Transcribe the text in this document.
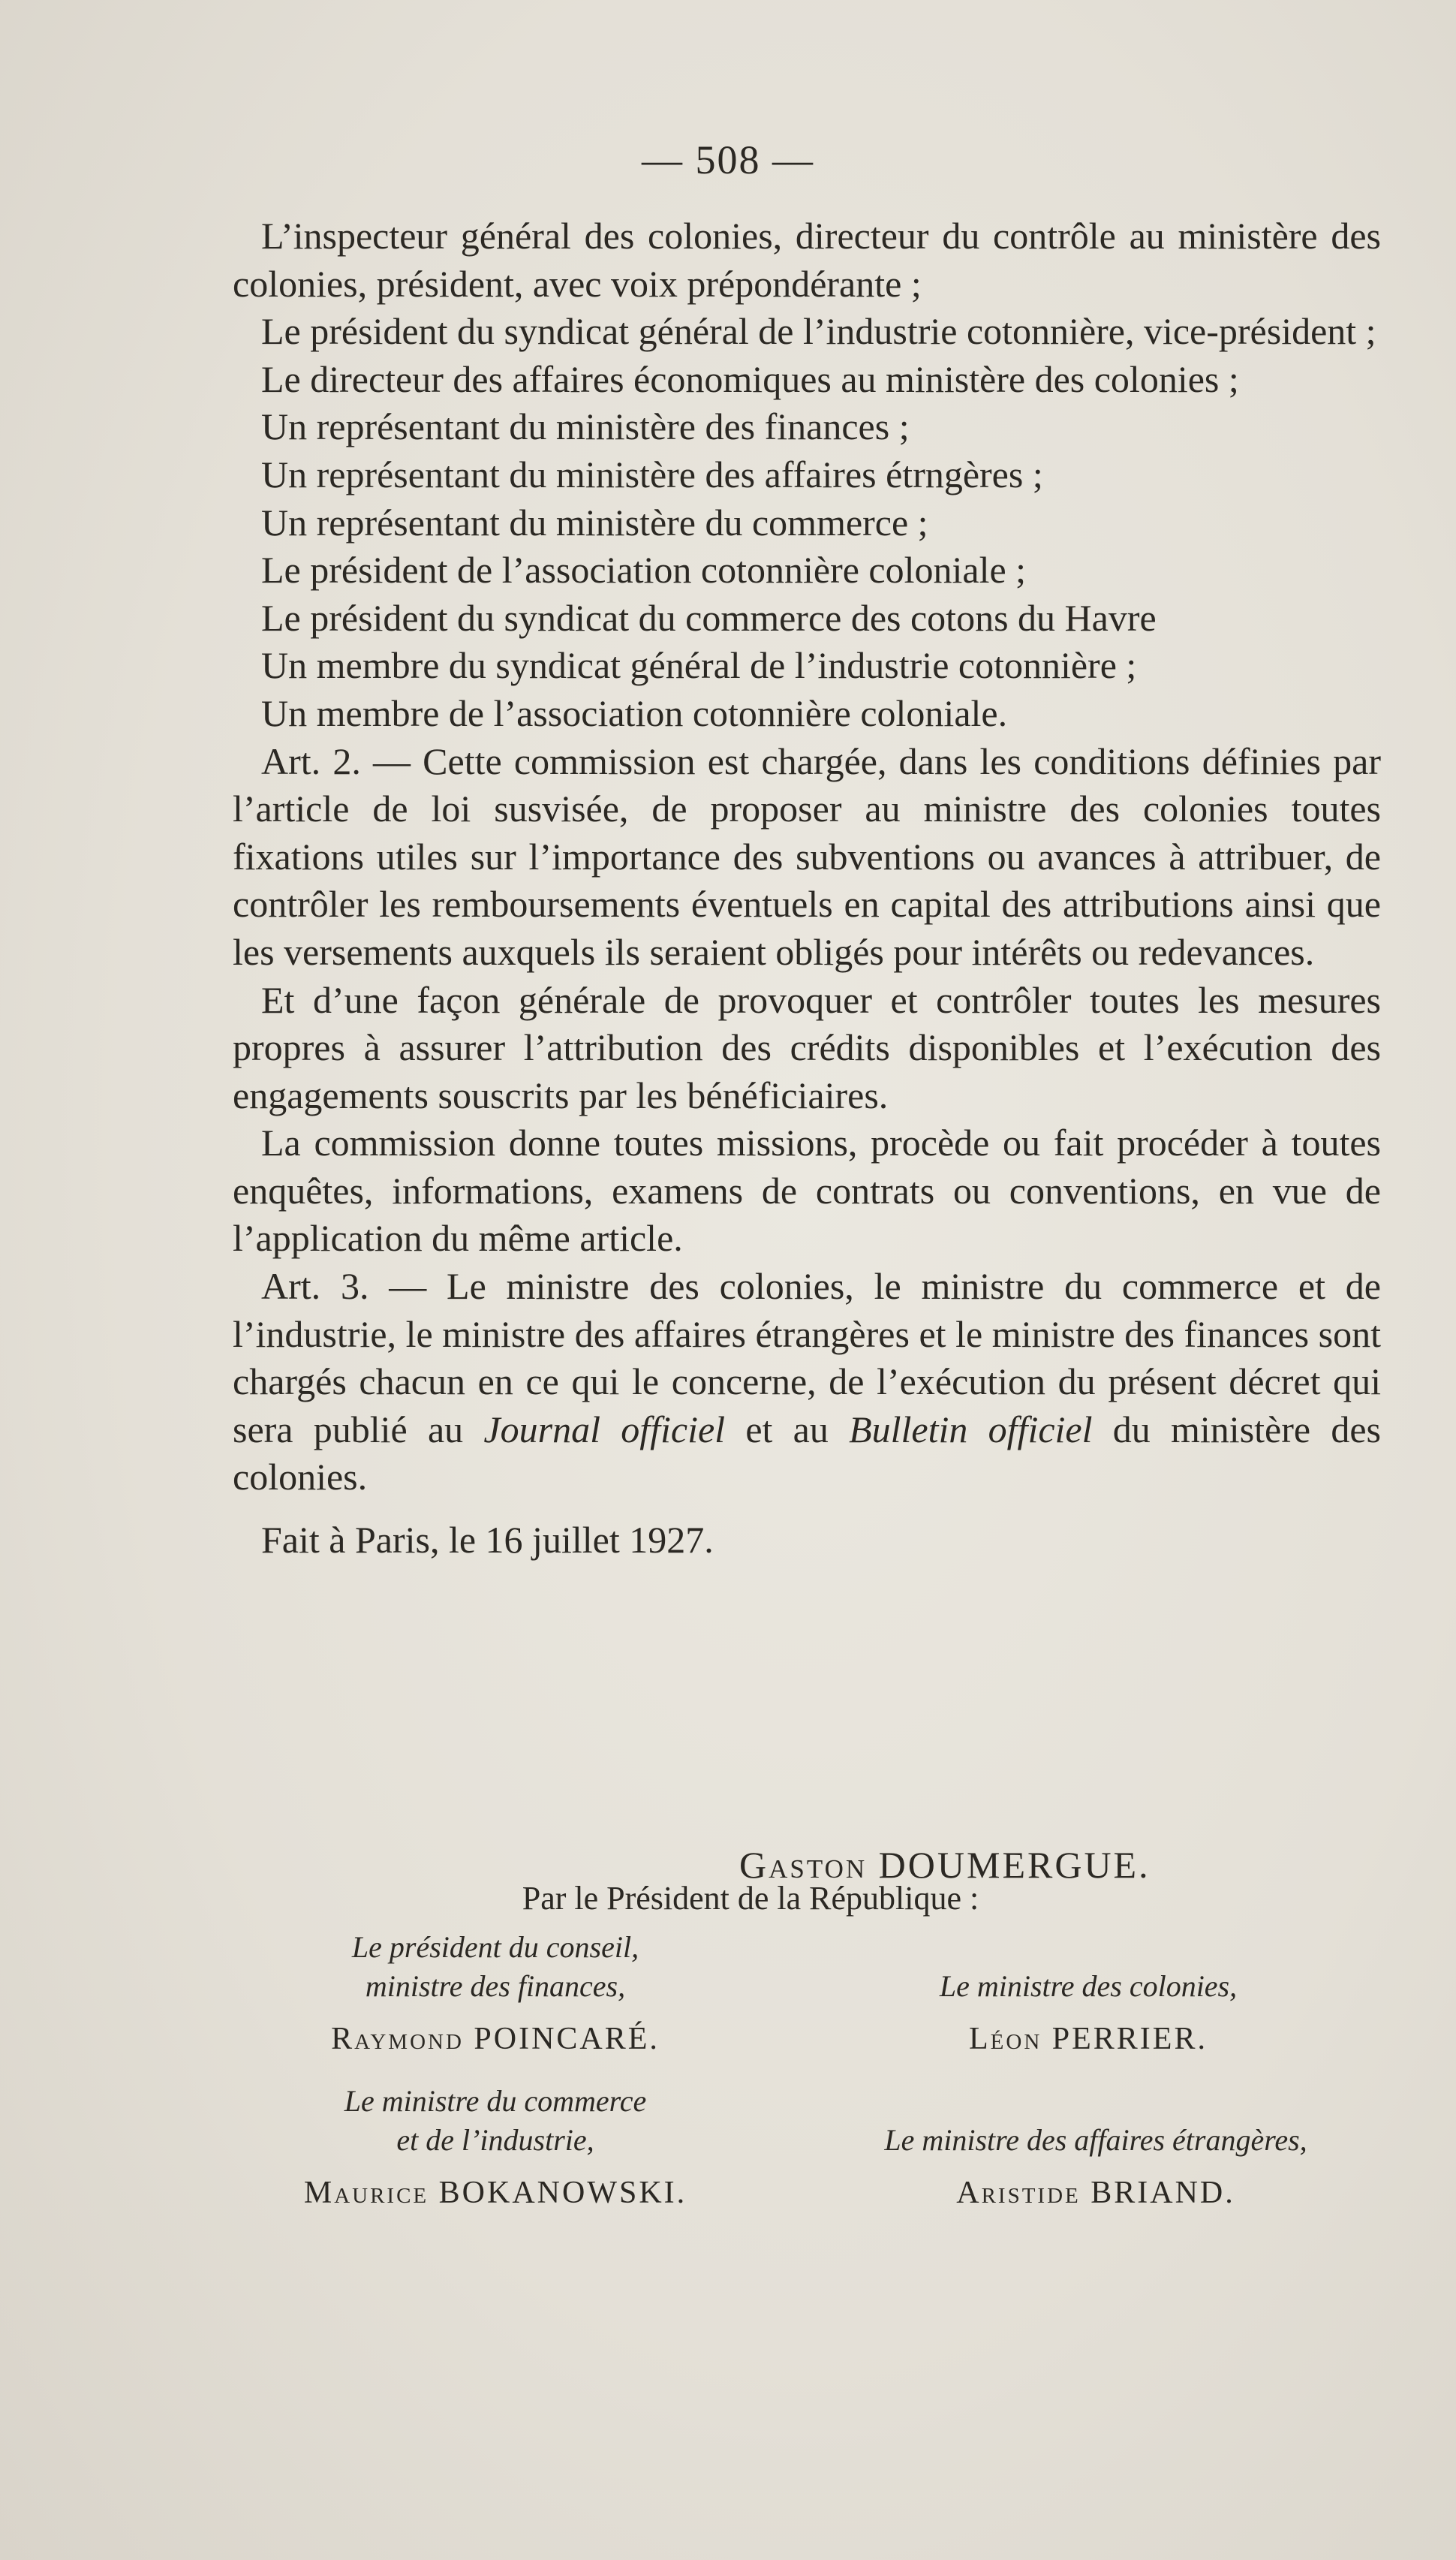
— 508 —

L’inspecteur général des colonies, directeur du contrôle au ministère des colonies, président, avec voix prépondérante ;

Le président du syndicat général de l’industrie cotonnière, vice-président ;

Le directeur des affaires économiques au ministère des colonies ;

Un représentant du ministère des finances ;

Un représentant du ministère des affaires étrngères ;

Un représentant du ministère du commerce ;

Le président de l’association cotonnière coloniale ;

Le président du syndicat du commerce des cotons du Havre

Un membre du syndicat général de l’industrie cotonnière ;

Un membre de l’association cotonnière coloniale.

Art. 2. — Cette commission est chargée, dans les conditions définies par l’article de loi susvisée, de proposer au ministre des colonies toutes fixations utiles sur l’importance des subventions ou avances à attribuer, de contrôler les remboursements éventuels en capital des attributions ainsi que les versements auxquels ils seraient obligés pour intérêts ou redevances.

Et d’une façon générale de provoquer et contrôler toutes les mesures propres à assurer l’attribution des crédits disponibles et l’exécution des engagements souscrits par les bénéficiaires.

La commission donne toutes missions, procède ou fait procéder à toutes enquêtes, informations, examens de contrats ou conventions, en vue de l’application du même article.

Art. 3. — Le ministre des colonies, le ministre du commerce et de l’industrie, le ministre des affaires étrangères et le ministre des finances sont chargés chacun en ce qui le concerne, de l’exécution du présent décret qui sera publié au Journal officiel et au Bulletin officiel du ministère des colonies.

Fait à Paris, le 16 juillet 1927.

Gaston DOUMERGUE.
Par le Président de la République :
Le président du conseil,
ministre des finances,
Raymond POINCARÉ.
Le ministre des colonies,
Léon PERRIER.
Le ministre du commerce
et de l’industrie,
Maurice BOKANOWSKI.
Le ministre des affaires étrangères,
Aristide BRIAND.
